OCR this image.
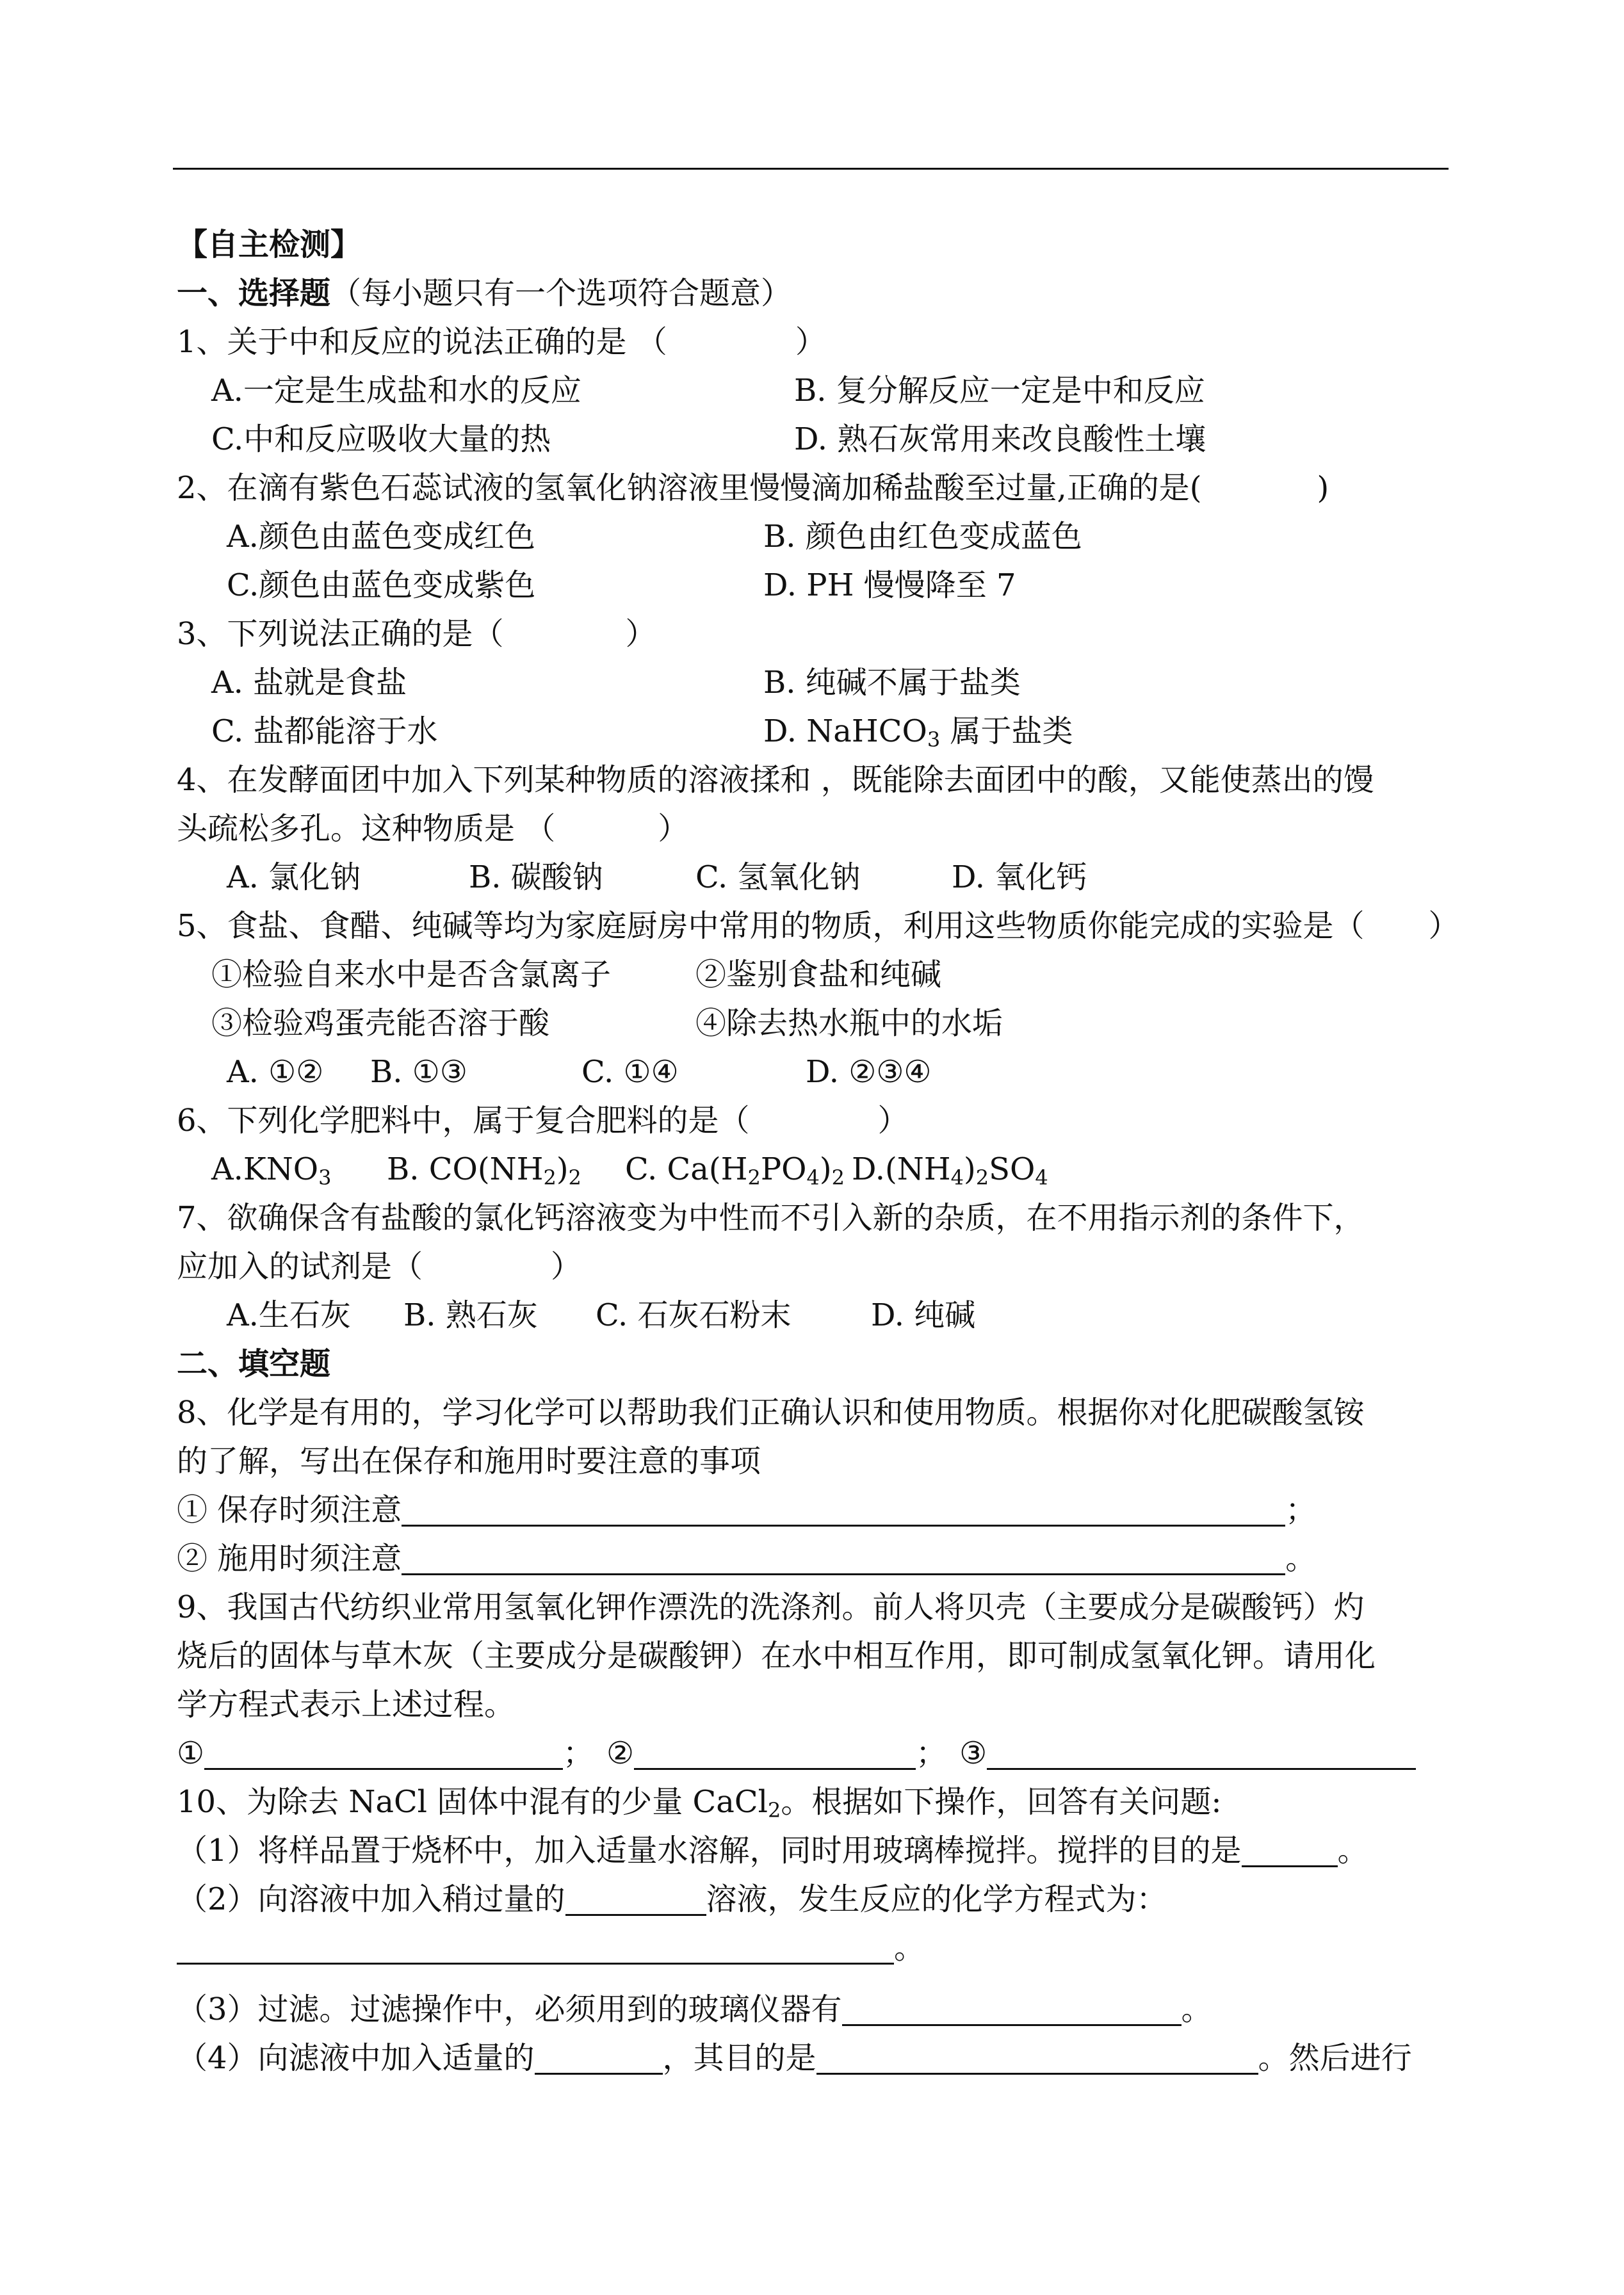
【自主检测】
一、选择题（每小题只有一个选项符合题意）
1、关于中和反应的说法正确的是 （	）
A.一定是生成盐和水的反应	B. 复分解反应一定是中和反应
C.中和反应吸收大量的热	D. 熟石灰常用来改良酸性土壤
2、在滴有紫色石蕊试液的氢氧化钠溶液里慢慢滴加稀盐酸至过量,正确的是(	)
A.颜色由蓝色变成红色	B. 颜色由红色变成蓝色
C.颜色由蓝色变成紫色	D. PH 慢慢降至 7
3、下列说法正确的是（	）
A. 盐就是食盐	B. 纯碱不属于盐类
C. 盐都能溶于水	D. NaHCO$_3$ 属于盐类
4、在发酵面团中加入下列某种物质的溶液揉和 ，既能除去面团中的酸，又能使蒸出的馒
头疏松多孔。这种物质是 （	）
A. 氯化钠	B. 碳酸钠	C. 氢氧化钠	D. 氧化钙
5、食盐、食醋、纯碱等均为家庭厨房中常用的物质，利用这些物质你能完成的实验是（ ）
①检验自来水中是否含氯离子	②鉴别食盐和纯碱
③检验鸡蛋壳能否溶于酸	④除去热水瓶中的水垢
A. ①② B. ①③	C. ①④	D. ②③④
6、下列化学肥料中，属于复合肥料的是（	）
$A.KNO_3$ B. $CO(NH_2)_2$ C. $Ca(H_2PO_4)_2$ $D.(NH_4)_2SO_4$
7、欲确保含有盐酸的氯化钙溶液变为中性而不引入新的杂质，在不用指示剂的条件下，
应加入的试剂是（	）
A.生石灰 B. 熟石灰 C. 石灰石粉末	D. 纯碱
二、填空题
8、化学是有用的，学习化学可以帮助我们正确认识和使用物质。根据你对化肥碳酸氢铵
的了解，写出在保存和施用时要注意的事项
① 保存时须注意	；
② 施用时须注意	。
9、我国古代纺织业常用氢氧化钾作漂洗的洗涤剂。前人将贝壳（主要成分是碳酸钙）灼
烧后的固体与草木灰（主要成分是碳酸钾）在水中相互作用，即可制成氢氧化钾。请用化
学方程式表示上述过程。
①	； ②	； ③
10、为除去 NaCl 固体中混有的少量 CaCl$_2$。根据如下操作，回答有关问题:
（1）将样品置于烧杯中，加入适量水溶解，同时用玻璃棒搅拌。搅拌的目的是	。
（2）向溶液中加入稍过量的	溶液，发生反应的化学方程式为：
。
（3）过滤。过滤操作中，必须用到的玻璃仪器有	。
（4）向滤液中加入适量的	，其目的是	。然后进行
